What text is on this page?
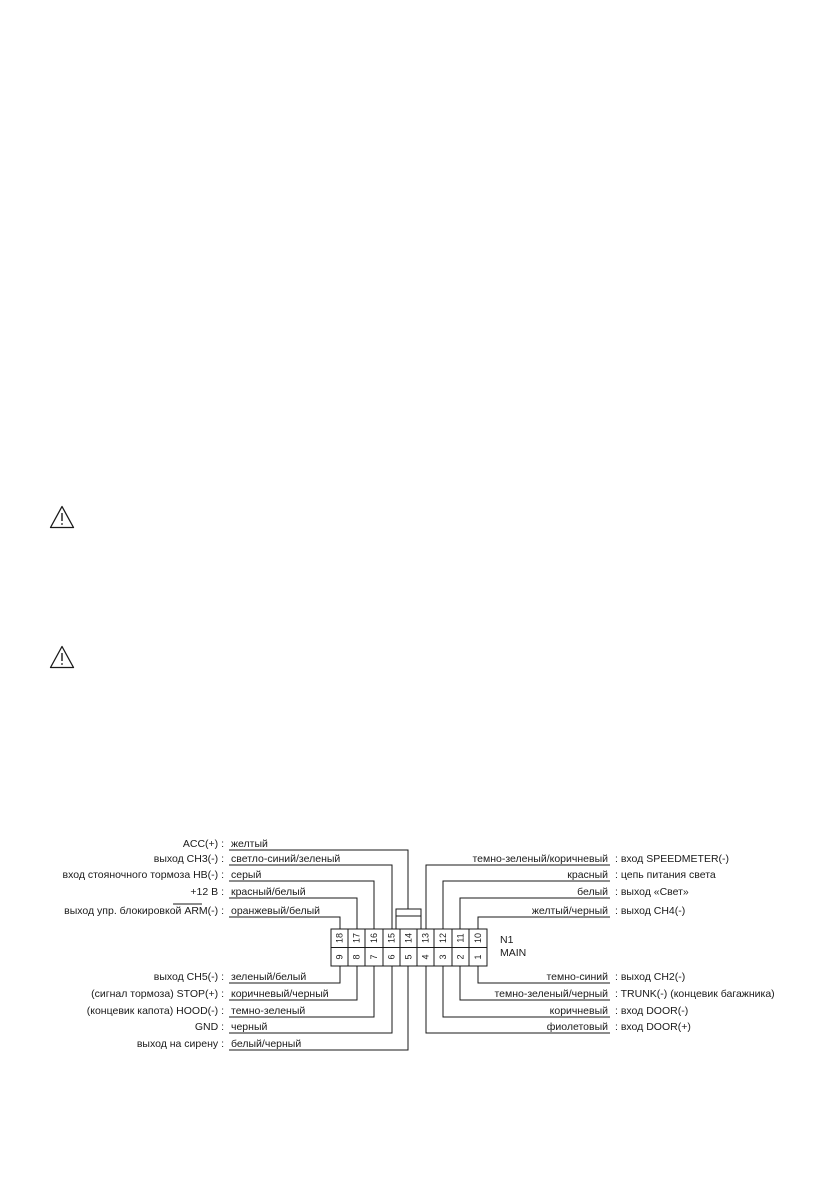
18 17 16 15 14 13 12 11 10
9 8 7 6 5 4 3 2 1
N1
MAIN
ACC(+) : желтый
выход CH3(-) : светло-синий/зеленый
вход стояночного тормоза HB(-) : серый
+12 В : красный/белый
выход упр. блокировкой ARM(-) : оранжевый/белый
выход CH5(-) : зеленый/белый
(сигнал тормоза) STOP(+) : коричневый/черный
(концевик капота) HOOD(-) : темно-зеленый
GND : черный
выход на сирену : белый/черный
темно-зеленый/коричневый : вход SPEEDMETER(-)
красный : цепь питания света
белый : выход «Свет»
желтый/черный : выход CH4(-)
темно-синий : выход CH2(-)
темно-зеленый/черный : TRUNK(-) (концевик багажника)
коричневый : вход DOOR(-)
фиолетовый : вход DOOR(+)
